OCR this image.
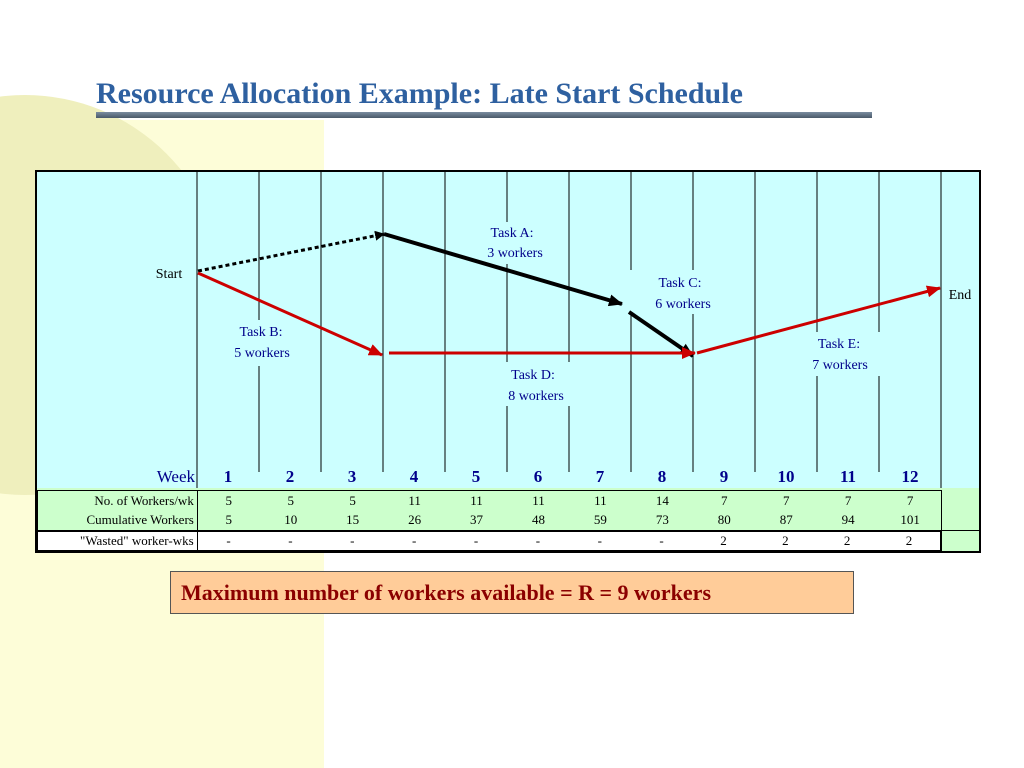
Resource Allocation Example: Late Start Schedule
Start
End
Task A:
3 workers
Task C:
6 workers
Task B:
5 workers
Task D:
8 workers
Task E:
7 workers
Week 1	2	3	4	5	6	7	8	9	10	11	12
No. of Workers/wk	5	5	5	11	11	11	11	14	7	7	7	7
Cumulative Workers	5	10	15	26	37	48	59	73	80	87	94	101
"Wasted" worker-wks	-	-	-	-	-	-	-	-	2	2	2	2
Maximum number of workers available = R = 9 workers
